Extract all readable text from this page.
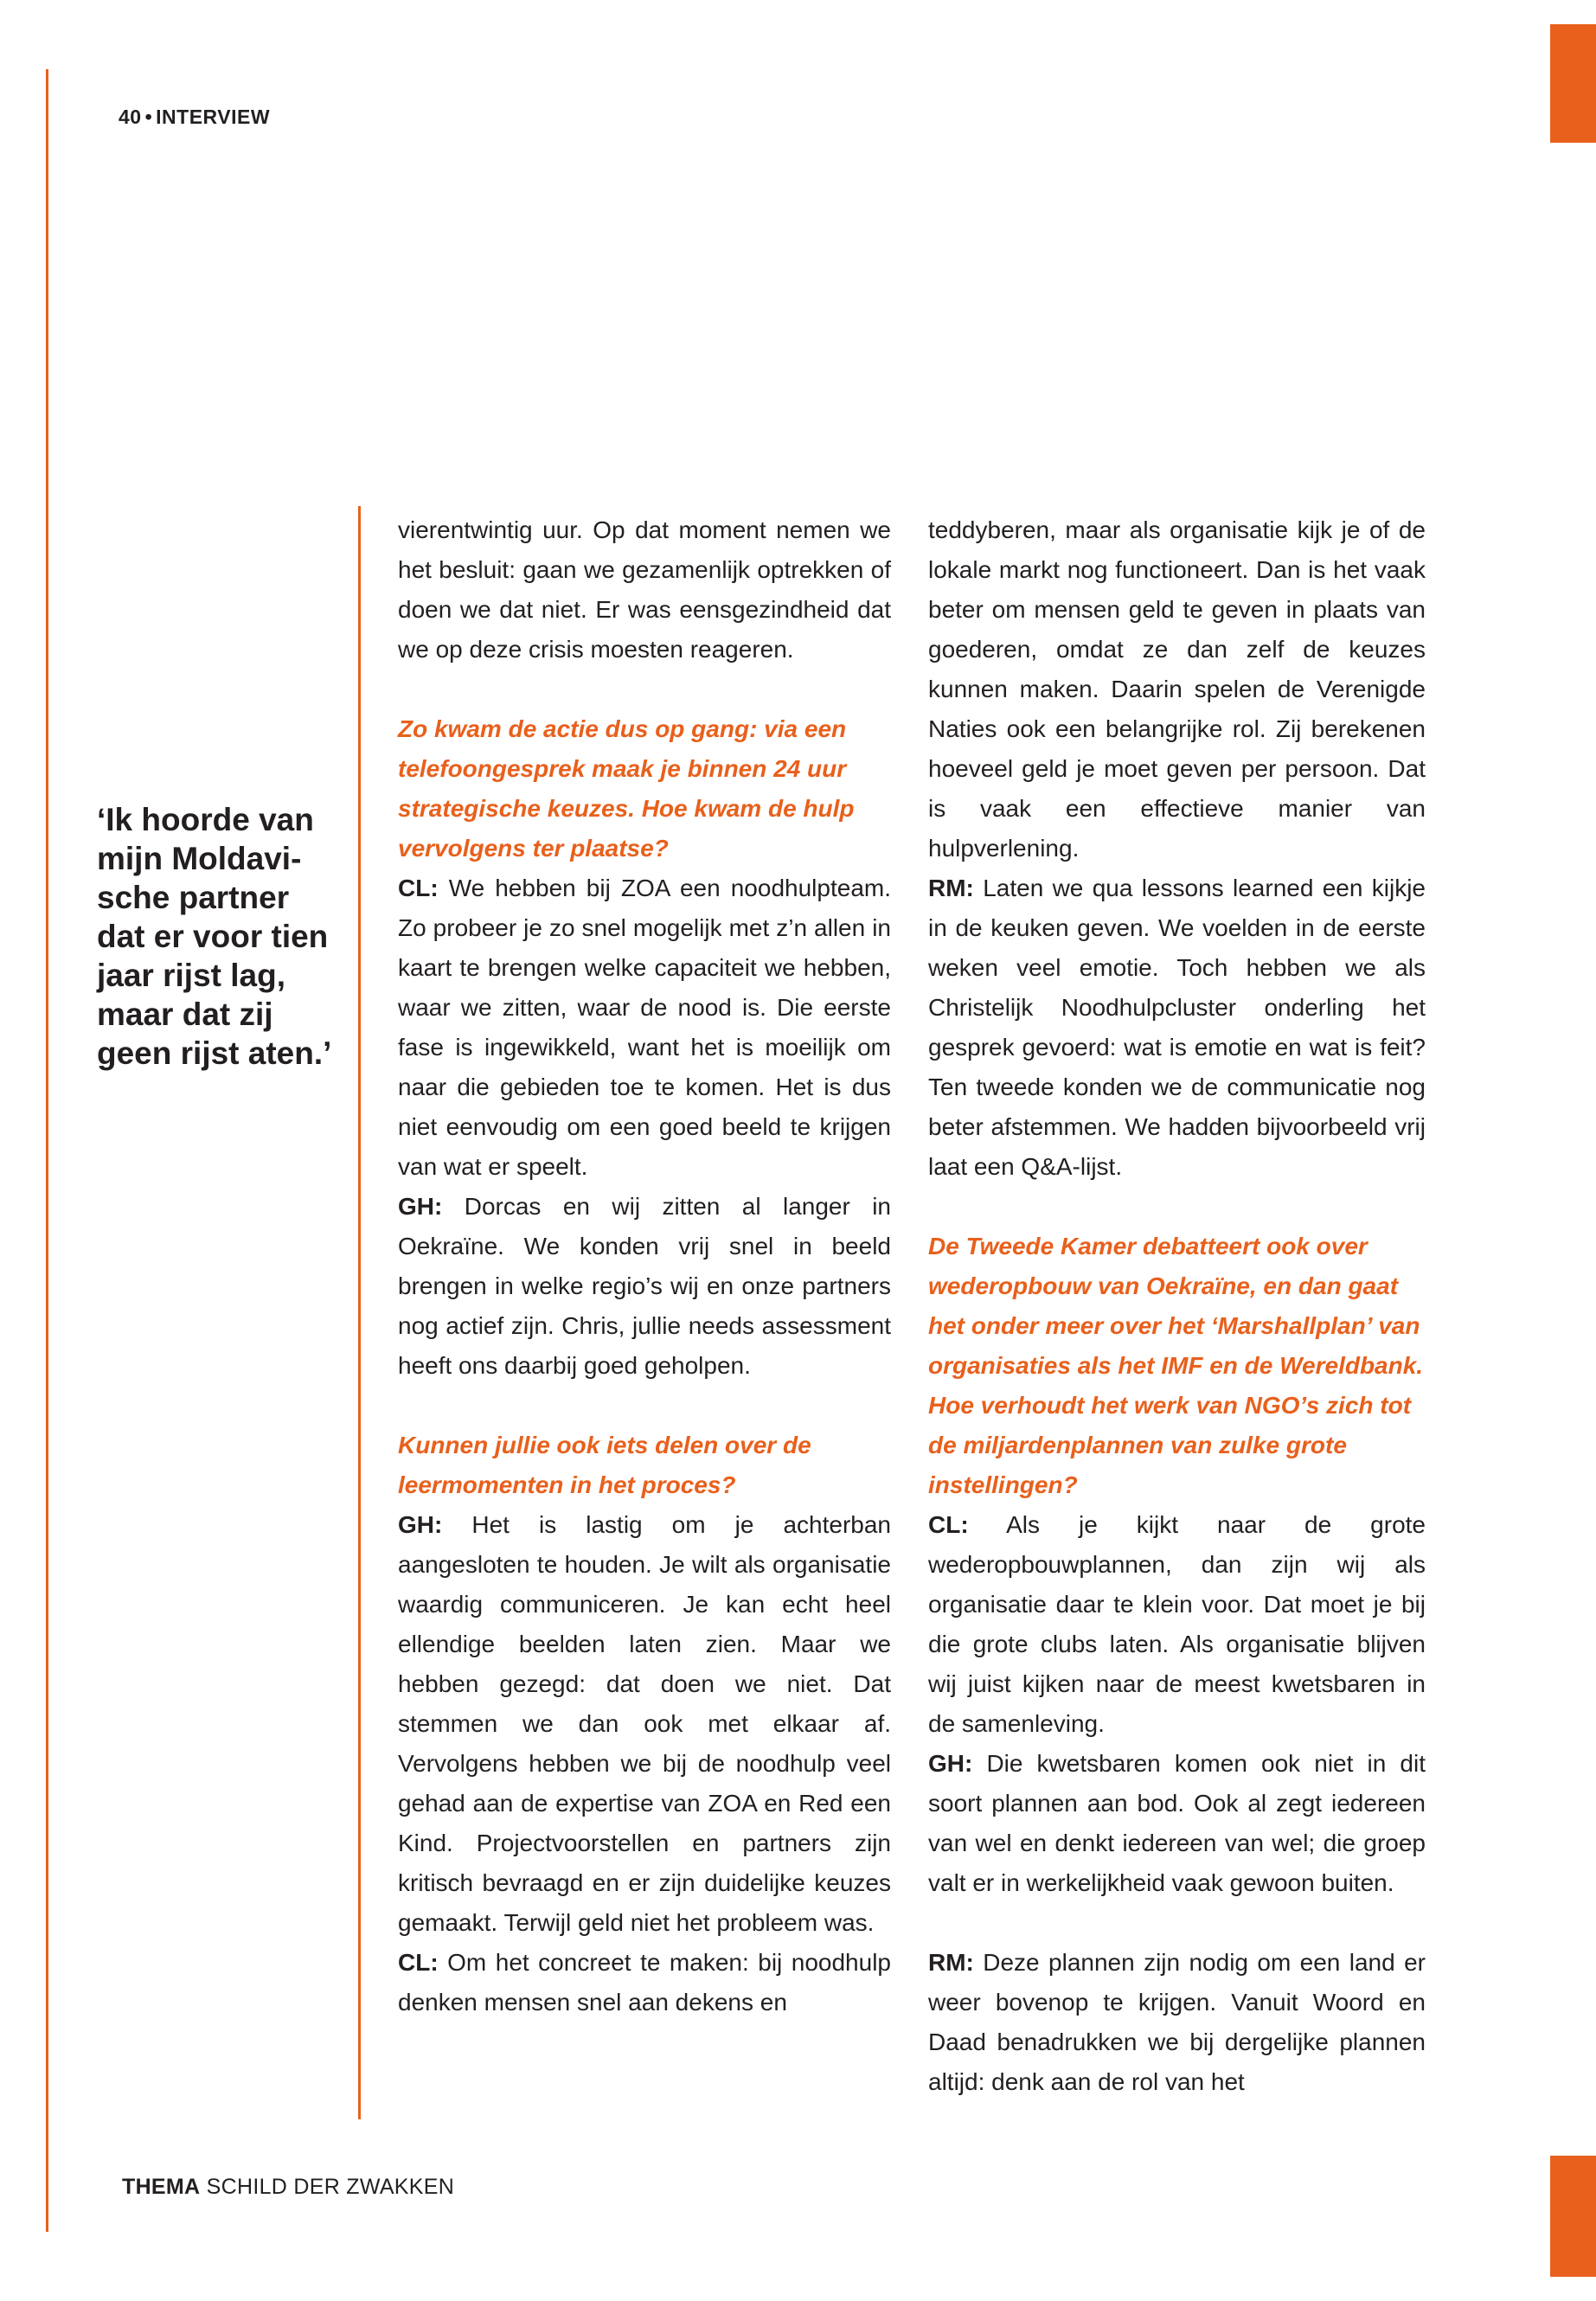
40 • INTERVIEW

‘Ik hoorde van

mijn Moldavi-

sche partner

dat er voor tien

jaar rijst lag,

maar dat zij

geen rijst aten.’

vierentwintig uur. Op dat moment nemen we het besluit: gaan we gezamenlijk optrekken of doen we dat niet. Er was eensgezindheid dat we op deze crisis moesten reageren.

Zo kwam de actie dus op gang: via een telefoongesprek maak je binnen 24 uur strategische keuzes. Hoe kwam de hulp vervolgens ter plaatse?

CL: We hebben bij ZOA een noodhulpteam. Zo probeer je zo snel mogelijk met z’n allen in kaart te brengen welke capaciteit we hebben, waar we zitten, waar de nood is. Die eerste fase is ingewikkeld, want het is moeilijk om naar die gebieden toe te komen. Het is dus niet eenvoudig om een goed beeld te krijgen van wat er speelt.

GH: Dorcas en wij zitten al langer in Oekraïne. We konden vrij snel in beeld brengen in welke regio’s wij en onze partners nog actief zijn. Chris, jullie needs assessment heeft ons daarbij goed geholpen.

Kunnen jullie ook iets delen over de leermomenten in het proces?

GH: Het is lastig om je achterban aangesloten te houden. Je wilt als organisatie waardig communiceren. Je kan echt heel ellendige beelden laten zien. Maar we hebben gezegd: dat doen we niet. Dat stemmen we dan ook met elkaar af. Vervolgens hebben we bij de noodhulp veel gehad aan de expertise van ZOA en Red een Kind. Projectvoorstellen en partners zijn kritisch bevraagd en er zijn duidelijke keuzes gemaakt. Terwijl geld niet het probleem was.

CL: Om het concreet te maken: bij noodhulp denken mensen snel aan dekens en

teddyberen, maar als organisatie kijk je of de lokale markt nog functioneert. Dan is het vaak beter om mensen geld te geven in plaats van goederen, omdat ze dan zelf de keuzes kunnen maken. Daarin spelen de Verenigde Naties ook een belangrijke rol. Zij berekenen hoeveel geld je moet geven per persoon. Dat is vaak een effectieve manier van hulpverlening.

RM: Laten we qua lessons learned een kijkje in de keuken geven. We voelden in de eerste weken veel emotie. Toch hebben we als Christelijk Noodhulpcluster onderling het gesprek gevoerd: wat is emotie en wat is feit? Ten tweede konden we de communicatie nog beter afstemmen. We hadden bijvoorbeeld vrij laat een Q&A-lijst.

De Tweede Kamer debatteert ook over wederopbouw van Oekraïne, en dan gaat het onder meer over het ‘Marshallplan’ van organisaties als het IMF en de Wereldbank. Hoe verhoudt het werk van NGO’s zich tot de miljardenplannen van zulke grote instellingen?

CL: Als je kijkt naar de grote wederopbouwplannen, dan zijn wij als organisatie daar te klein voor. Dat moet je bij die grote clubs laten. Als organisatie blijven wij juist kijken naar de meest kwetsbaren in de samenleving.

GH: Die kwetsbaren komen ook niet in dit soort plannen aan bod. Ook al zegt iedereen van wel en denkt iedereen van wel; die groep valt er in werkelijkheid vaak gewoon buiten.

RM: Deze plannen zijn nodig om een land er weer bovenop te krijgen. Vanuit Woord en Daad benadrukken we bij dergelijke plannen altijd: denk aan de rol van het

THEMA SCHILD DER ZWAKKEN
